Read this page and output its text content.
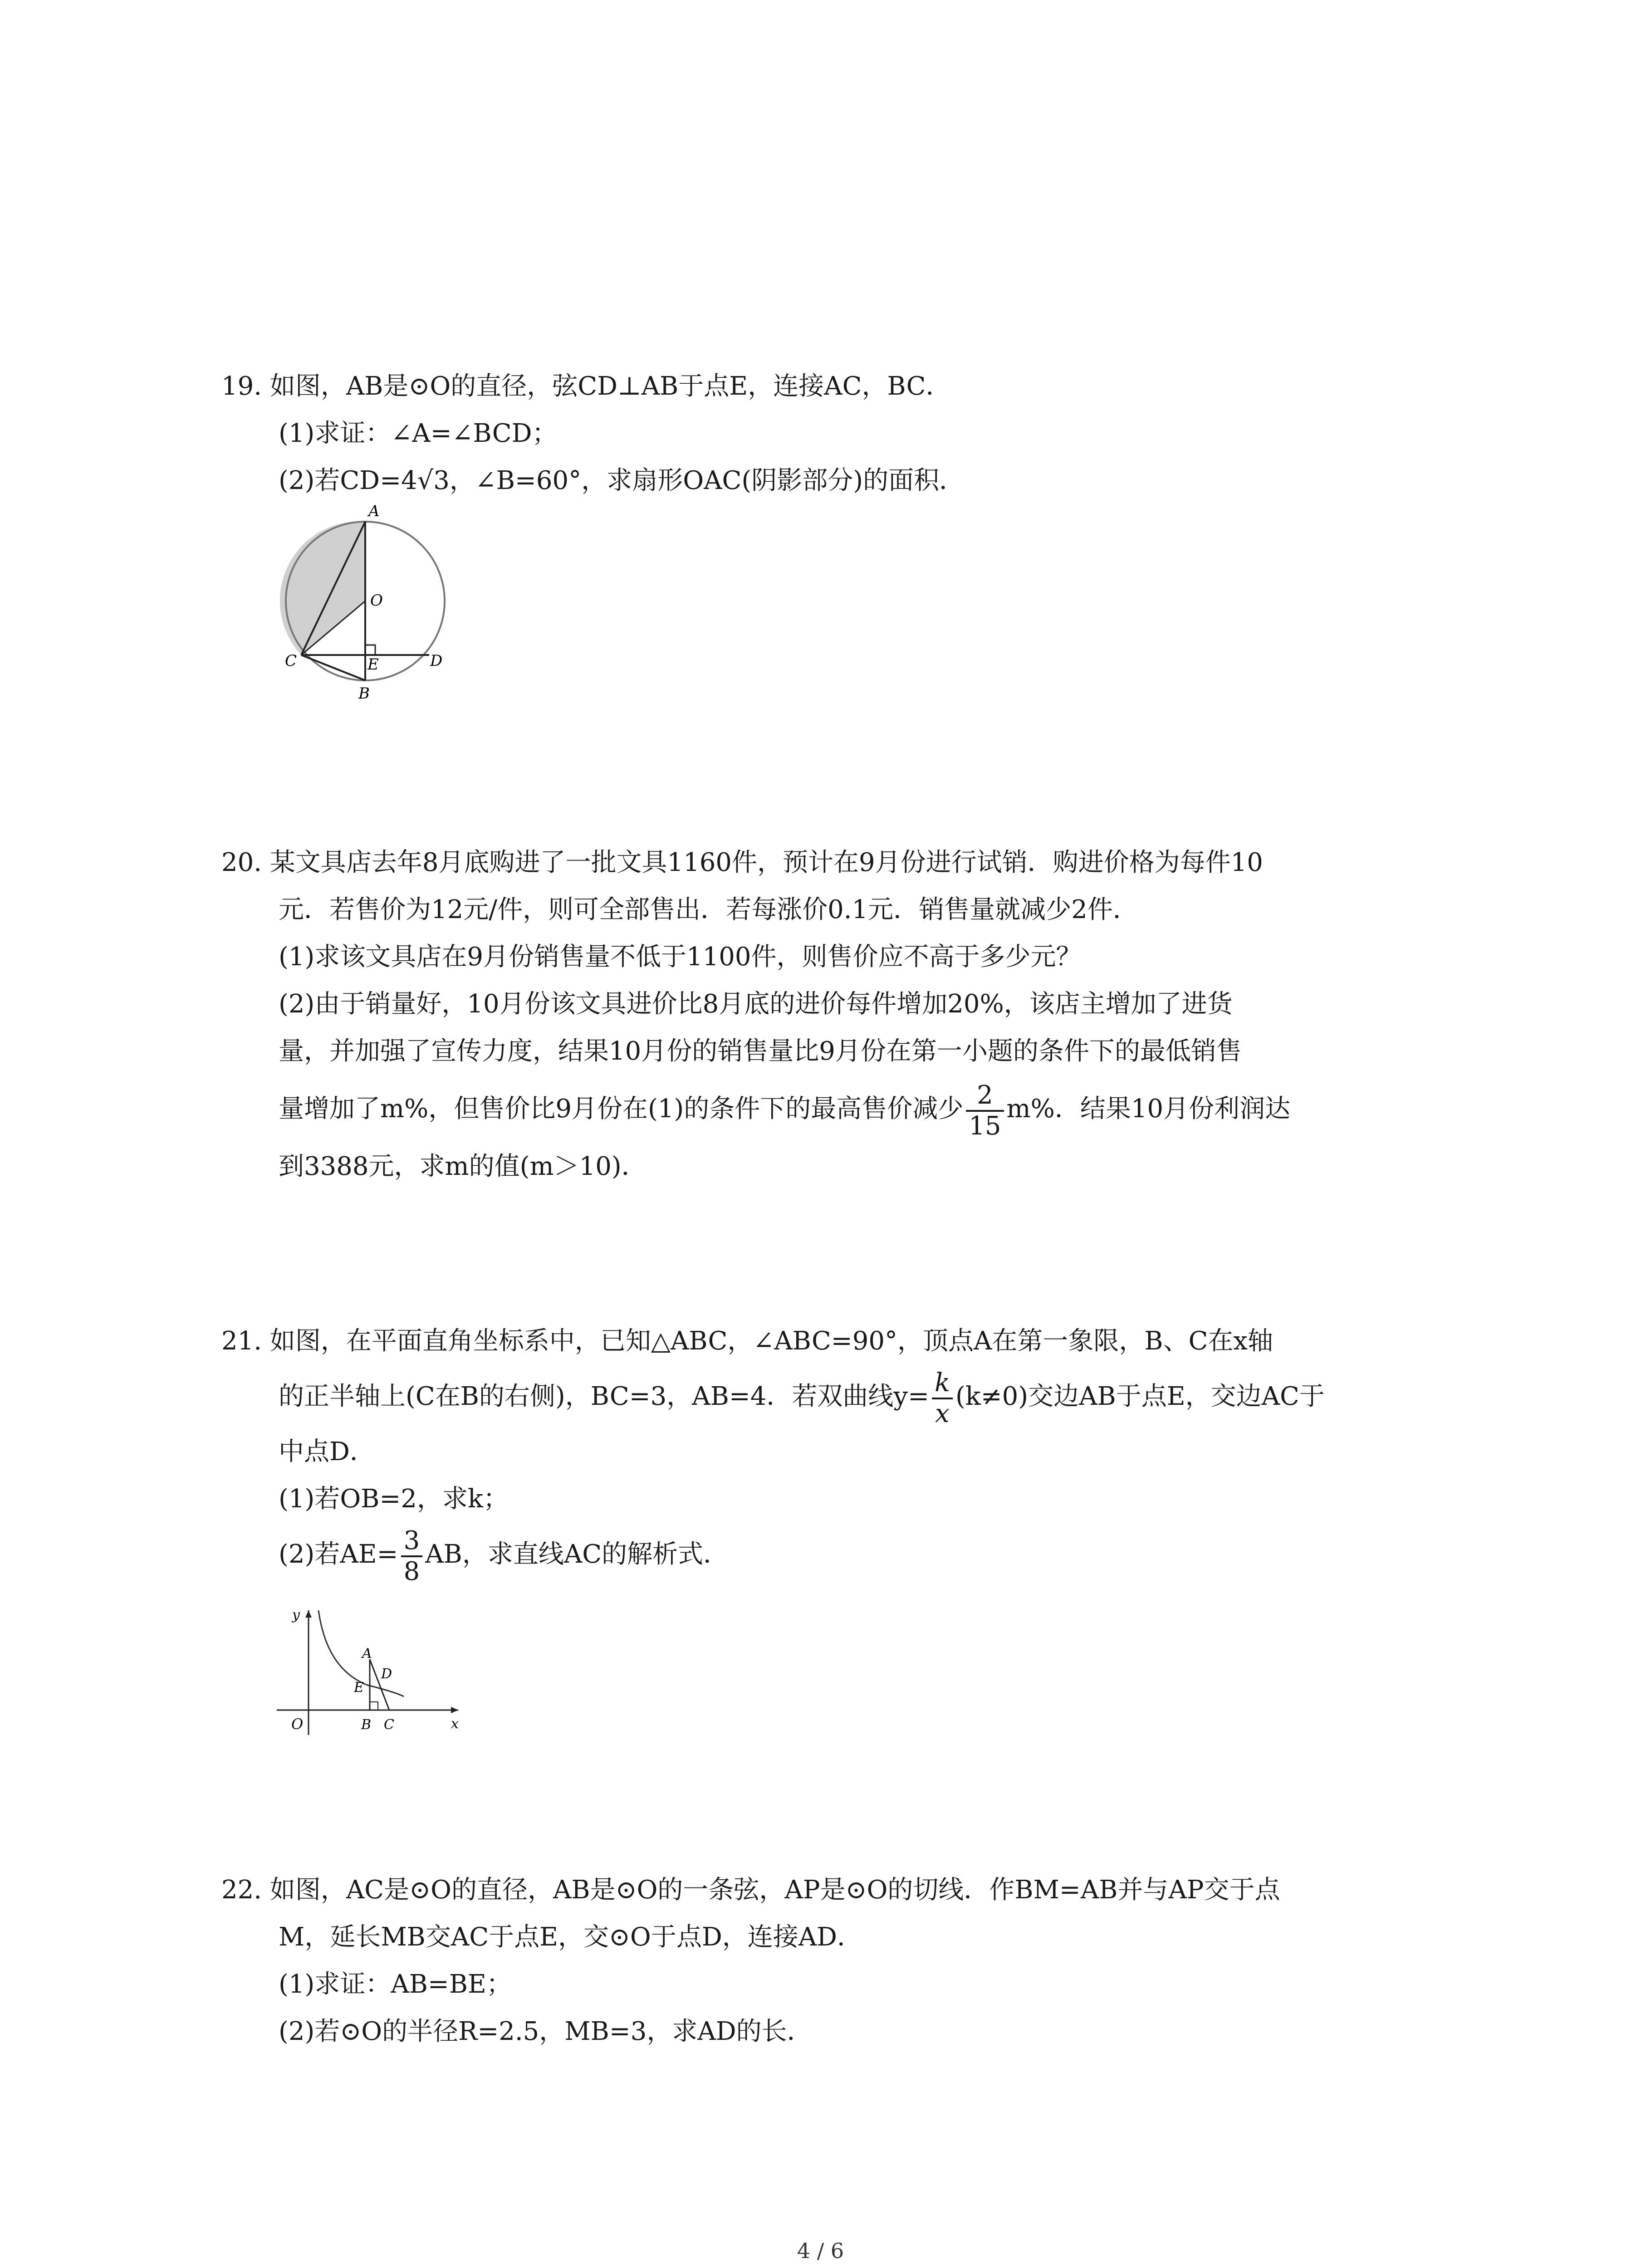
19. 如图，AB是⊙O的直径，弦CD⊥AB于点E，连接AC，BC．
(1)求证：∠A=∠BCD；
(2)若CD=4√3，∠B=60°，求扇形OAC(阴影部分)的面积．
A
O
C	E	D
B
20. 某文具店去年8月底购进了一批文具1160件，预计在9月份进行试销．购进价格为每件10
元．若售价为12元/件，则可全部售出．若每涨价0.1元．销售量就减少2件．
(1)求该文具店在9月份销售量不低于1100件，则售价应不高于多少元？
(2)由于销量好，10月份该文具进价比8月底的进价每件增加20%，该店主增加了进货
量，并加强了宣传力度，结果10月份的销售量比9月份在第一小题的条件下的最低销售
量增加了m%，但售价比9月份在(1)的条件下的最高售价减少 $\frac{2}{15} m\%$．结果10月份利润达
到3388元，求m的值(m＞10)．
21. 如图，在平面直角坐标系中，已知△ABC，∠ABC=90°，顶点A在第一象限，B、C在x轴
的正半轴上(C在B的右侧)，BC=3，AB=4．若双曲线$y= \frac{k}{x} (k\ne 0)$交边AB于点E，交边AC于
中点D．
(1)若OB=2，求k；
(2)若$AE= \frac{3}{8}$ AB，求直线AC的解析式．
y
x
O
A
D
E
B C
22. 如图，AC是⊙O的直径，AB是⊙O的一条弦，AP是⊙O的切线．作BM=AB并与AP交于点
M，延长MB交AC于点E，交⊙O于点D，连接AD．
(1)求证：AB=BE；
(2)若⊙O的半径R=2.5，MB=3，求AD的长．
4 / 6
